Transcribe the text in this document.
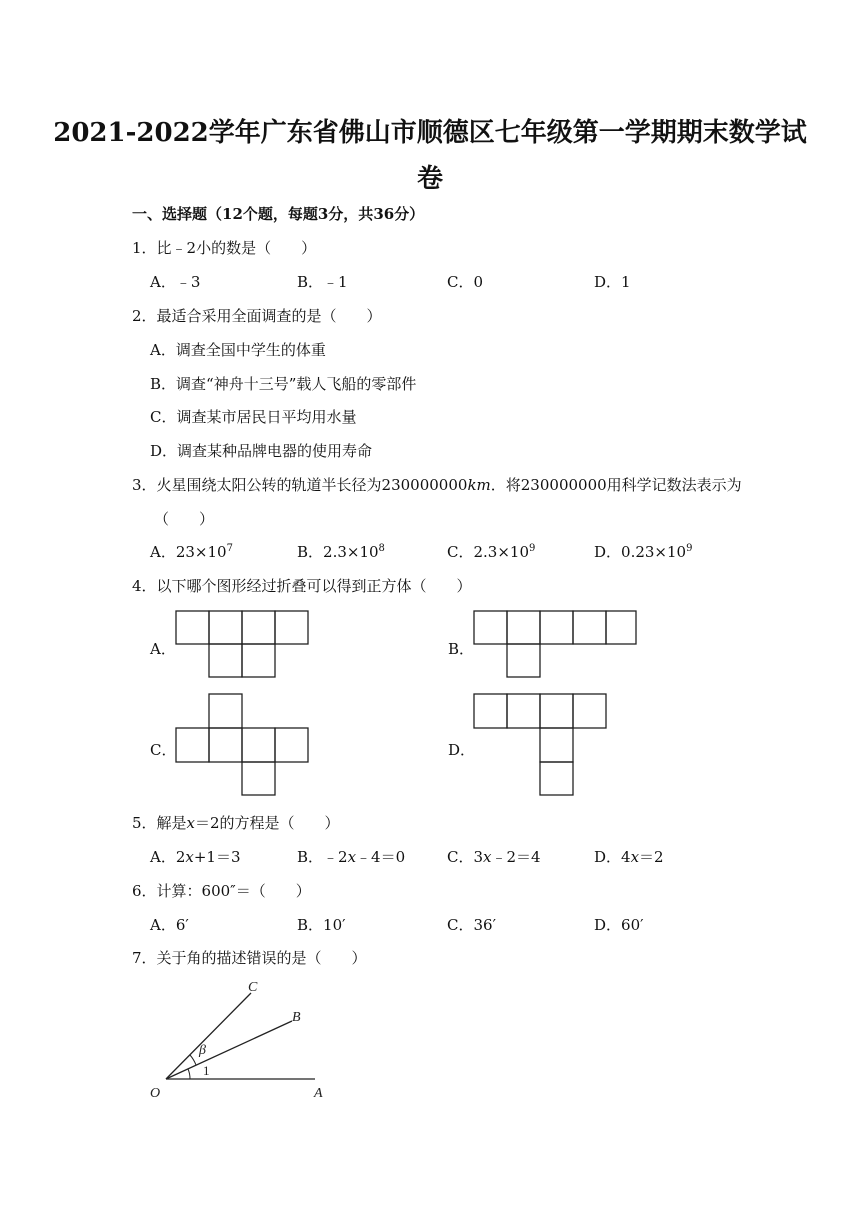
2021-2022学年广东省佛山市顺德区七年级第一学期期末数学试
卷
一、选择题（12个题，每题3分，共36分）
1．比﹣2小的数是（　　）
A．﹣3	B．﹣1	C．0	D．1
2．最适合采用全面调查的是（　　）
A．调查全国中学生的体重
B．调查“神舟十三号”载人飞船的零部件
C．调查某市居民日平均用水量
D．调查某种品牌电器的使用寿命
3．火星围绕太阳公转的轨道半长径为230000000km．将230000000用科学记数法表示为
（　　）
A．$23\times 10^7$	B．$2.3\times 10^8$	C．$2.3\times 10^9$	D．$0.23\times 10^9$
4．以下哪个图形经过折叠可以得到正方体（　　）
A．	B．
C．	D．
5．解是x＝2的方程是（　　）
A．2x+1＝3	B．﹣2x﹣4＝0	C．3x﹣2＝4	D．4x＝2
6．计算：600″＝（　　）
A．6′	B．10′	C．36′	D．60′
7．关于角的描述错误的是（　　）
O	A
B
C
β
1
